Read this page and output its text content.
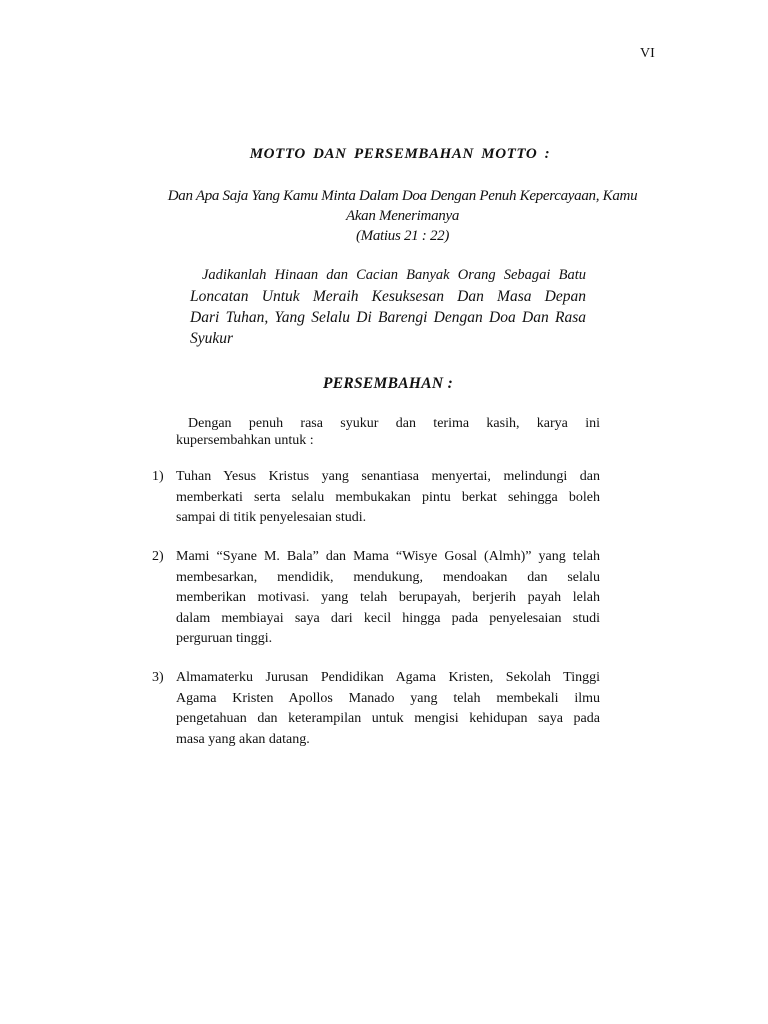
VI
MOTTO DAN PERSEMBAHAN MOTTO :
Dan Apa Saja Yang Kamu Minta Dalam Doa Dengan Penuh Kepercayaan, Kamu
Akan Menerimanya
(Matius 21 : 22)
Jadikanlah Hinaan dan Cacian Banyak Orang Sebagai Batu
Loncatan Untuk Meraih Kesuksesan Dan Masa Depan
Dari Tuhan, Yang Selalu Di Barengi Dengan Doa Dan Rasa
Syukur
PERSEMBAHAN :
Dengan penuh rasa syukur dan terima kasih, karya ini
kupersembahkan untuk :
1) Tuhan Yesus Kristus yang senantiasa menyertai, melindungi dan
memberkati serta selalu membukakan pintu berkat sehingga boleh
sampai di titik penyelesaian studi.
2) Mami “Syane M. Bala” dan Mama “Wisye Gosal (Almh)” yang telah
membesarkan, mendidik, mendukung, mendoakan dan selalu
memberikan motivasi. yang telah berupayah, berjerih payah lelah
dalam membiayai saya dari kecil hingga pada penyelesaian studi
perguruan tinggi.
3) Almamaterku Jurusan Pendidikan Agama Kristen, Sekolah Tinggi
Agama Kristen Apollos Manado yang telah membekali ilmu
pengetahuan dan keterampilan untuk mengisi kehidupan saya pada
masa yang akan datang.
